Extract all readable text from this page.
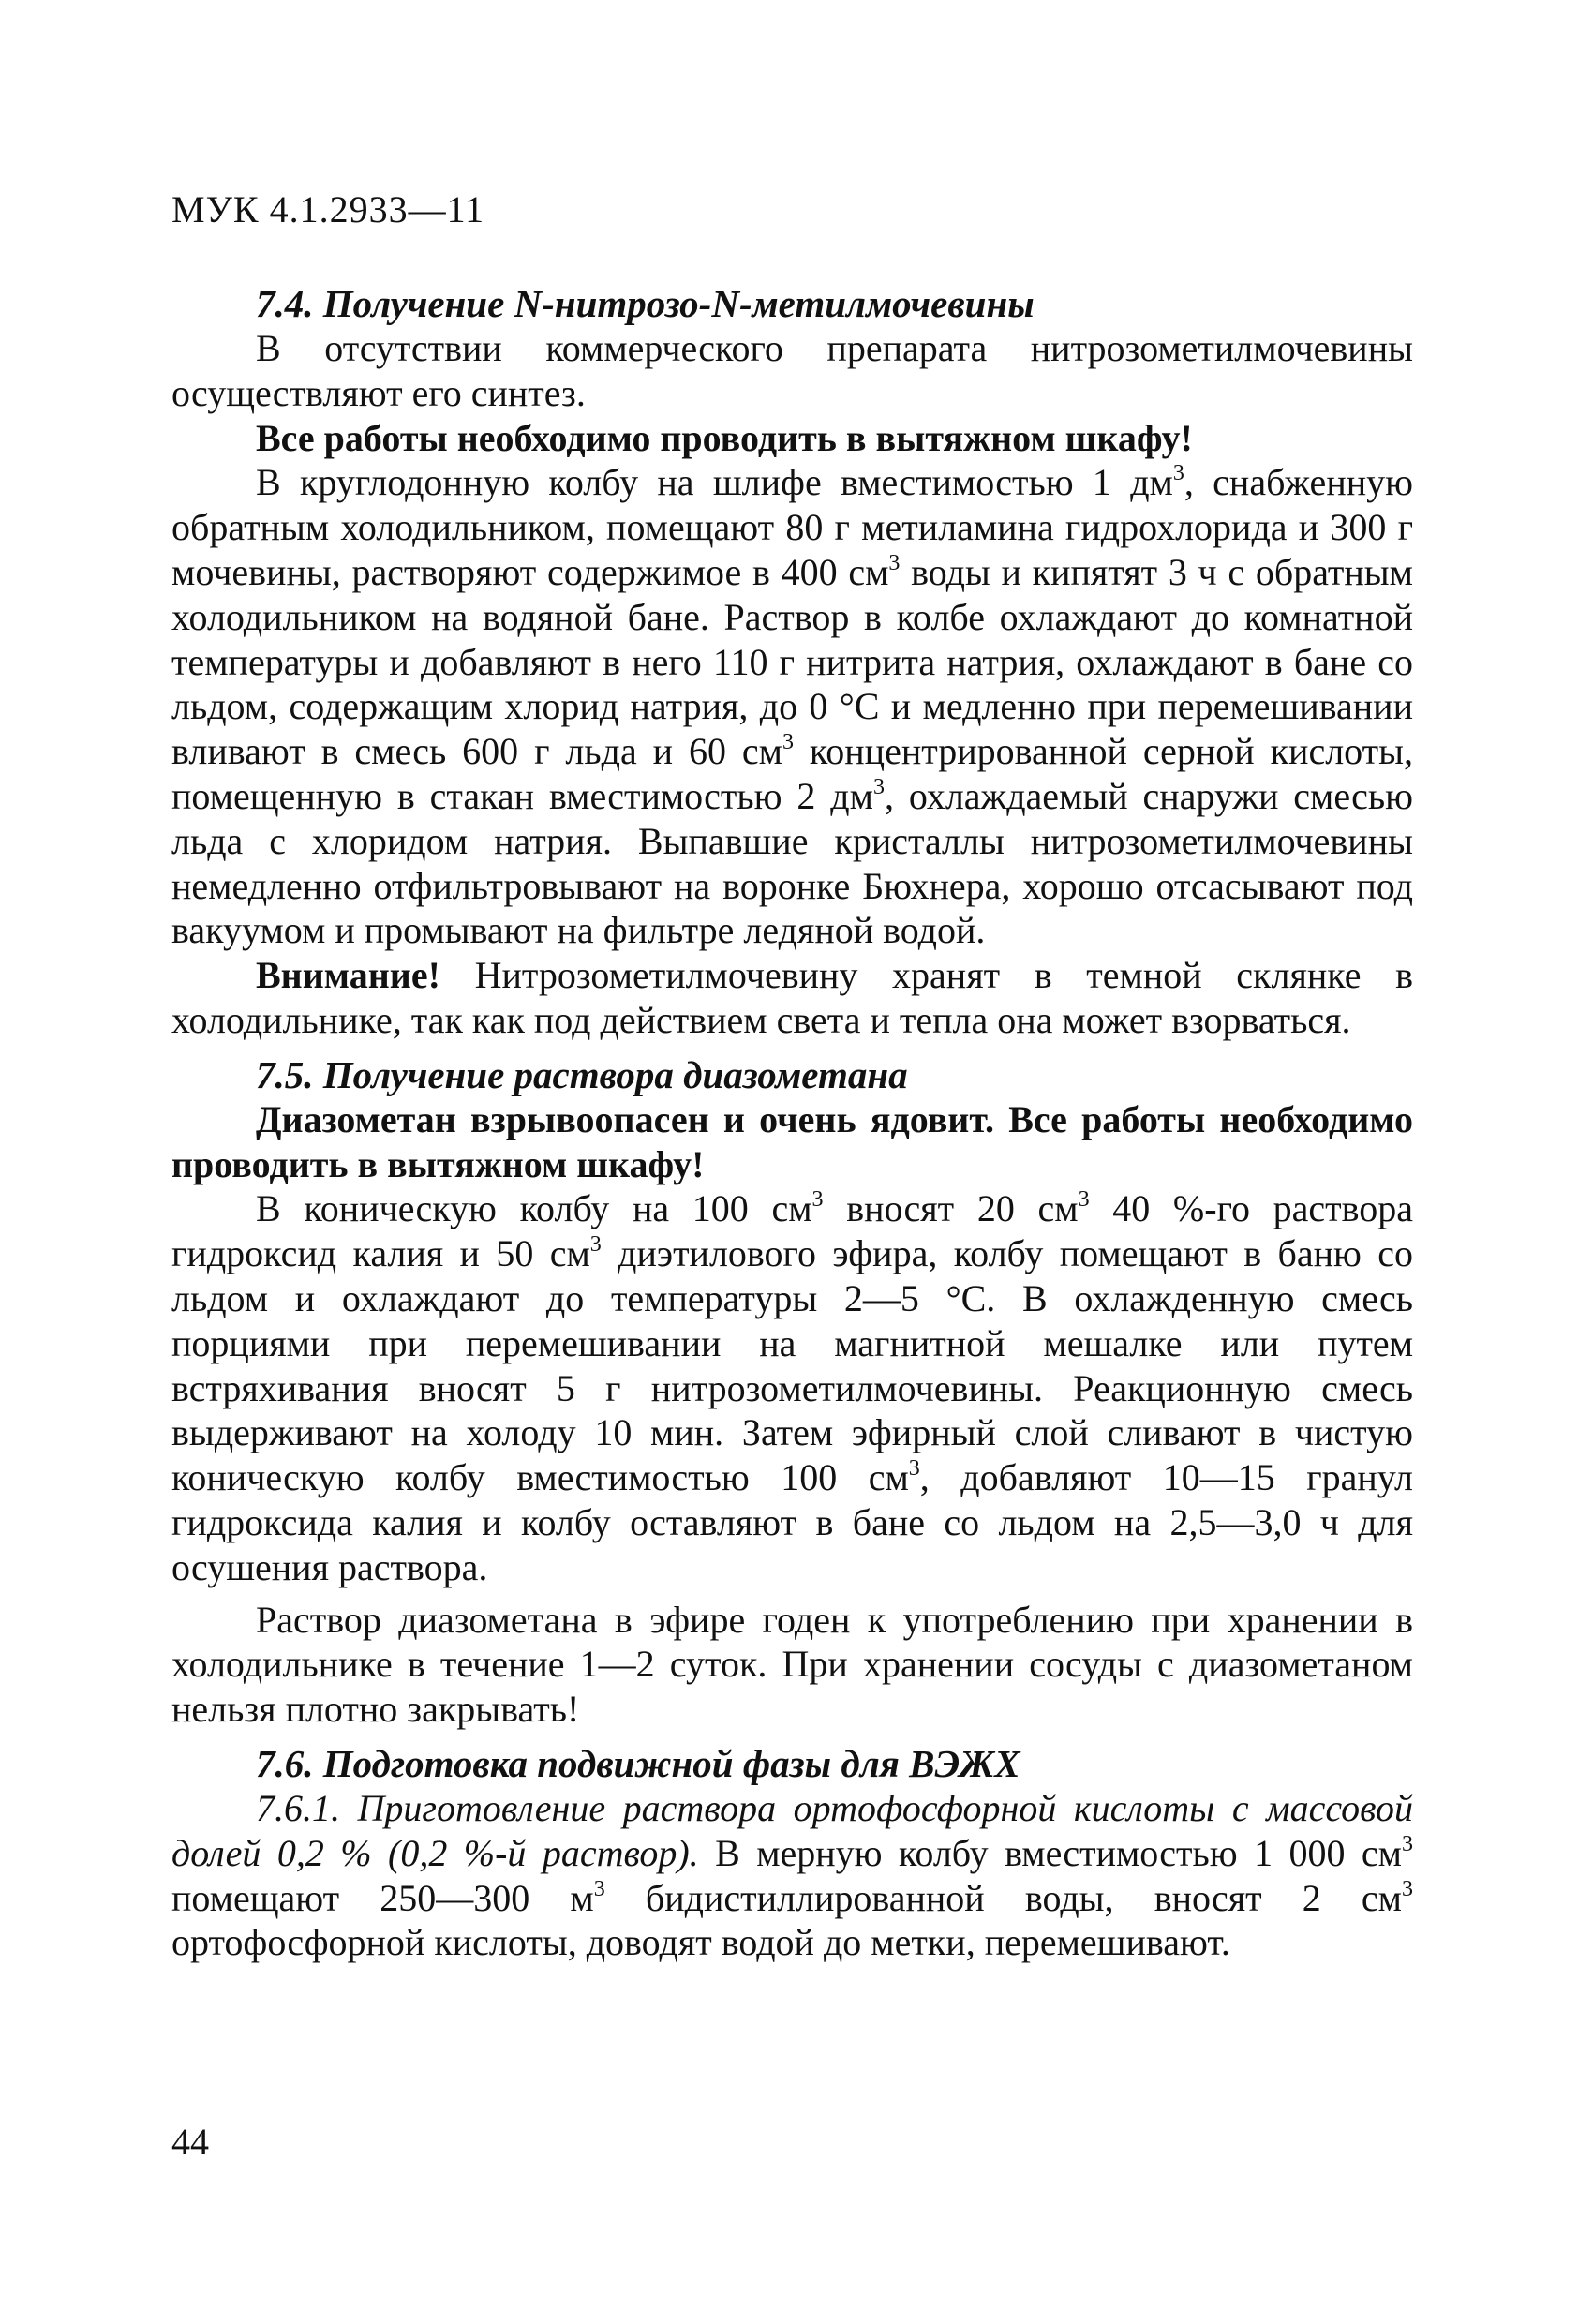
МУК 4.1.2933—11

7.4. Получение N-нитрозо-N-метилмочевины

В отсутствии коммерческого препарата нитрозометилмочевины осуществляют его синтез.

Все работы необходимо проводить в вытяжном шкафу!

В круглодонную колбу на шлифе вместимостью 1 $дм^3$, снабженную обратным холодильником, помещают 80 г метиламина гидрохлорида и 300 г мочевины, растворяют содержимое в 400 $см^3$ воды и кипятят 3 ч с обратным холодильником на водяной бане. Раствор в колбе охлаждают до комнатной температуры и добавляют в него 110 г нитрита натрия, охлаждают в бане со льдом, содержащим хлорид натрия, до 0 °С и медленно при перемешивании вливают в смесь 600 г льда и 60 $см^3$ концентрированной серной кислоты, помещенную в стакан вместимостью 2 $дм^3$, охлаждаемый снаружи смесью льда с хлоридом натрия. Выпавшие кристаллы нитрозометилмочевины немедленно отфильтровывают на воронке Бюхнера, хорошо отсасывают под вакуумом и промывают на фильтре ледяной водой.

Внимание! Нитрозометилмочевину хранят в темной склянке в холодильнике, так как под действием света и тепла она может взорваться.

7.5. Получение раствора диазометана

Диазометан взрывоопасен и очень ядовит. Все работы необходимо проводить в вытяжном шкафу!

В коническую колбу на 100 $см^3$ вносят 20 $см^3$ 40 %-го раствора гидроксид калия и 50 $см^3$ диэтилового эфира, колбу помещают в баню со льдом и охлаждают до температуры 2—5 °С. В охлажденную смесь порциями при перемешивании на магнитной мешалке или путем встряхивания вносят 5 г нитрозометилмочевины. Реакционную смесь выдерживают на холоду 10 мин. Затем эфирный слой сливают в чистую коническую колбу вместимостью 100 $см^3$, добавляют 10—15 гранул гидроксида калия и колбу оставляют в бане со льдом на 2,5—3,0 ч для осушения раствора.

Раствор диазометана в эфире годен к употреблению при хранении в холодильнике в течение 1—2 суток. При хранении сосуды с диазометаном нельзя плотно закрывать!

7.6. Подготовка подвижной фазы для ВЭЖХ

7.6.1. Приготовление раствора ортофосфорной кислоты с массовой долей 0,2 % (0,2 %-й раствор). В мерную колбу вместимостью 1 000 $см^3$ помещают 250—300 $м^3$ бидистиллированной воды, вносят 2 $см^3$ ортофосфорной кислоты, доводят водой до метки, перемешивают.

44
